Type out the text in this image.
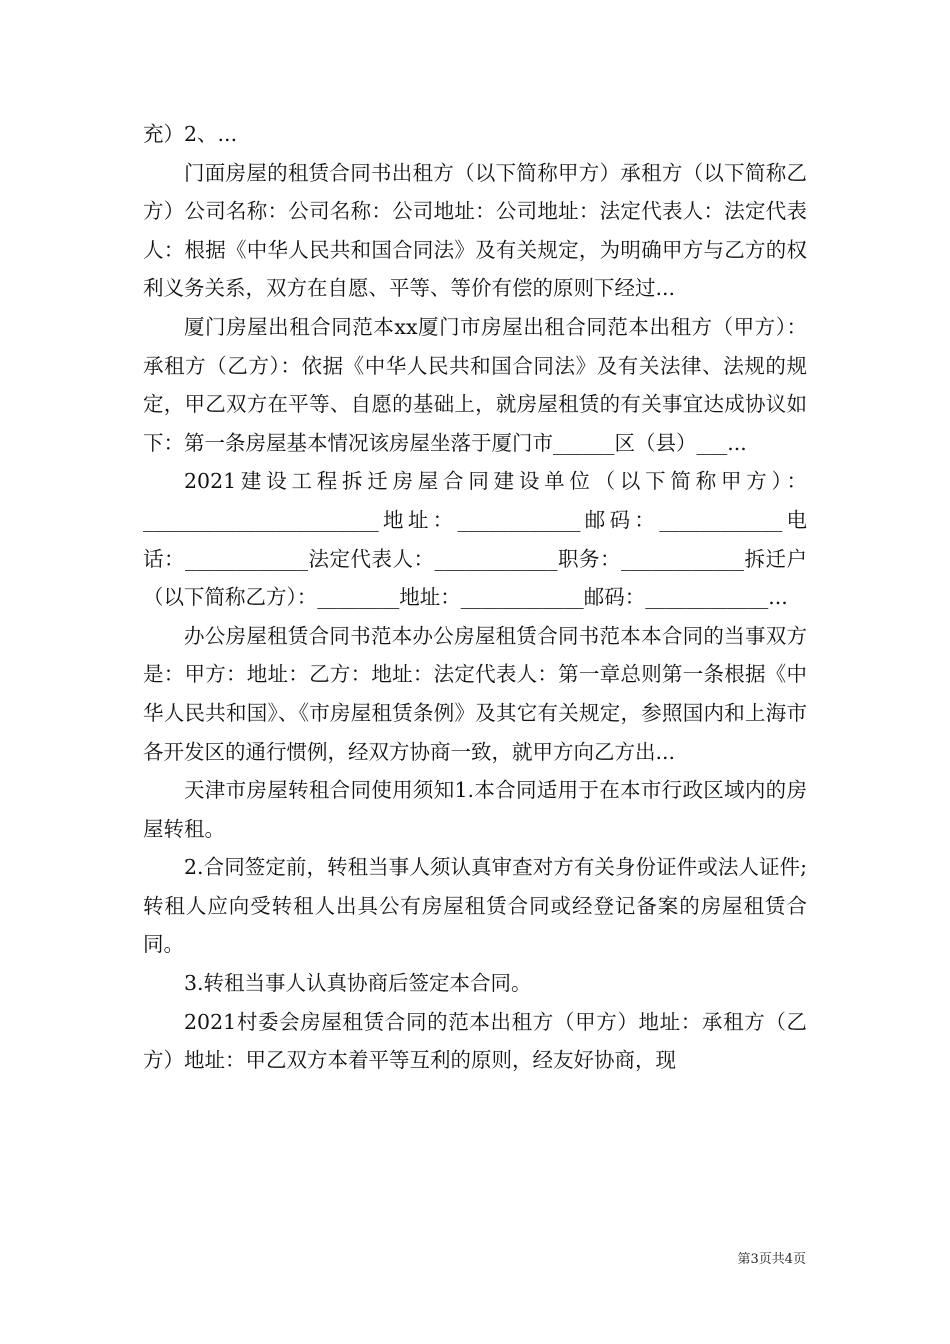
充）2、...

门面房屋的租赁合同书出租方（以下简称甲方）承租方（以下简称乙方）公司名称：公司名称：公司地址：公司地址：法定代表人：法定代表人：根据《中华人民共和国合同法》及有关规定，为明确甲方与乙方的权利义务关系，双方在自愿、平等、等价有偿的原则下经过...

厦门房屋出租合同范本xx厦门市房屋出租合同范本出租方（甲方）：承租方（乙方）：依据《中华人民共和国合同法》及有关法律、法规的规定，甲乙双方在平等、自愿的基础上，就房屋租赁的有关事宜达成协议如下：第一条房屋基本情况该房屋坐落于厦门市______区（县）___...

2021建设工程拆迁房屋合同建设单位（以下简称甲方）：_______________________地址：____________邮码：____________电话：____________法定代表人：____________职务：____________拆迁户（以下简称乙方）：________地址：____________邮码：____________...

办公房屋租赁合同书范本办公房屋租赁合同书范本本合同的当事双方是：甲方：地址：乙方：地址：法定代表人：第一章总则第一条根据《中华人民共和国》、《市房屋租赁条例》及其它有关规定，参照国内和上海市各开发区的通行惯例，经双方协商一致，就甲方向乙方出...

天津市房屋转租合同使用须知1.本合同适用于在本市行政区域内的房屋转租。

2.合同签定前，转租当事人须认真审查对方有关身份证件或法人证件;转租人应向受转租人出具公有房屋租赁合同或经登记备案的房屋租赁合同。

3.转租当事人认真协商后签定本合同。

2021村委会房屋租赁合同的范本出租方（甲方）地址：承租方（乙方）地址：甲乙双方本着平等互利的原则，经友好协商，现

第3页共4页
